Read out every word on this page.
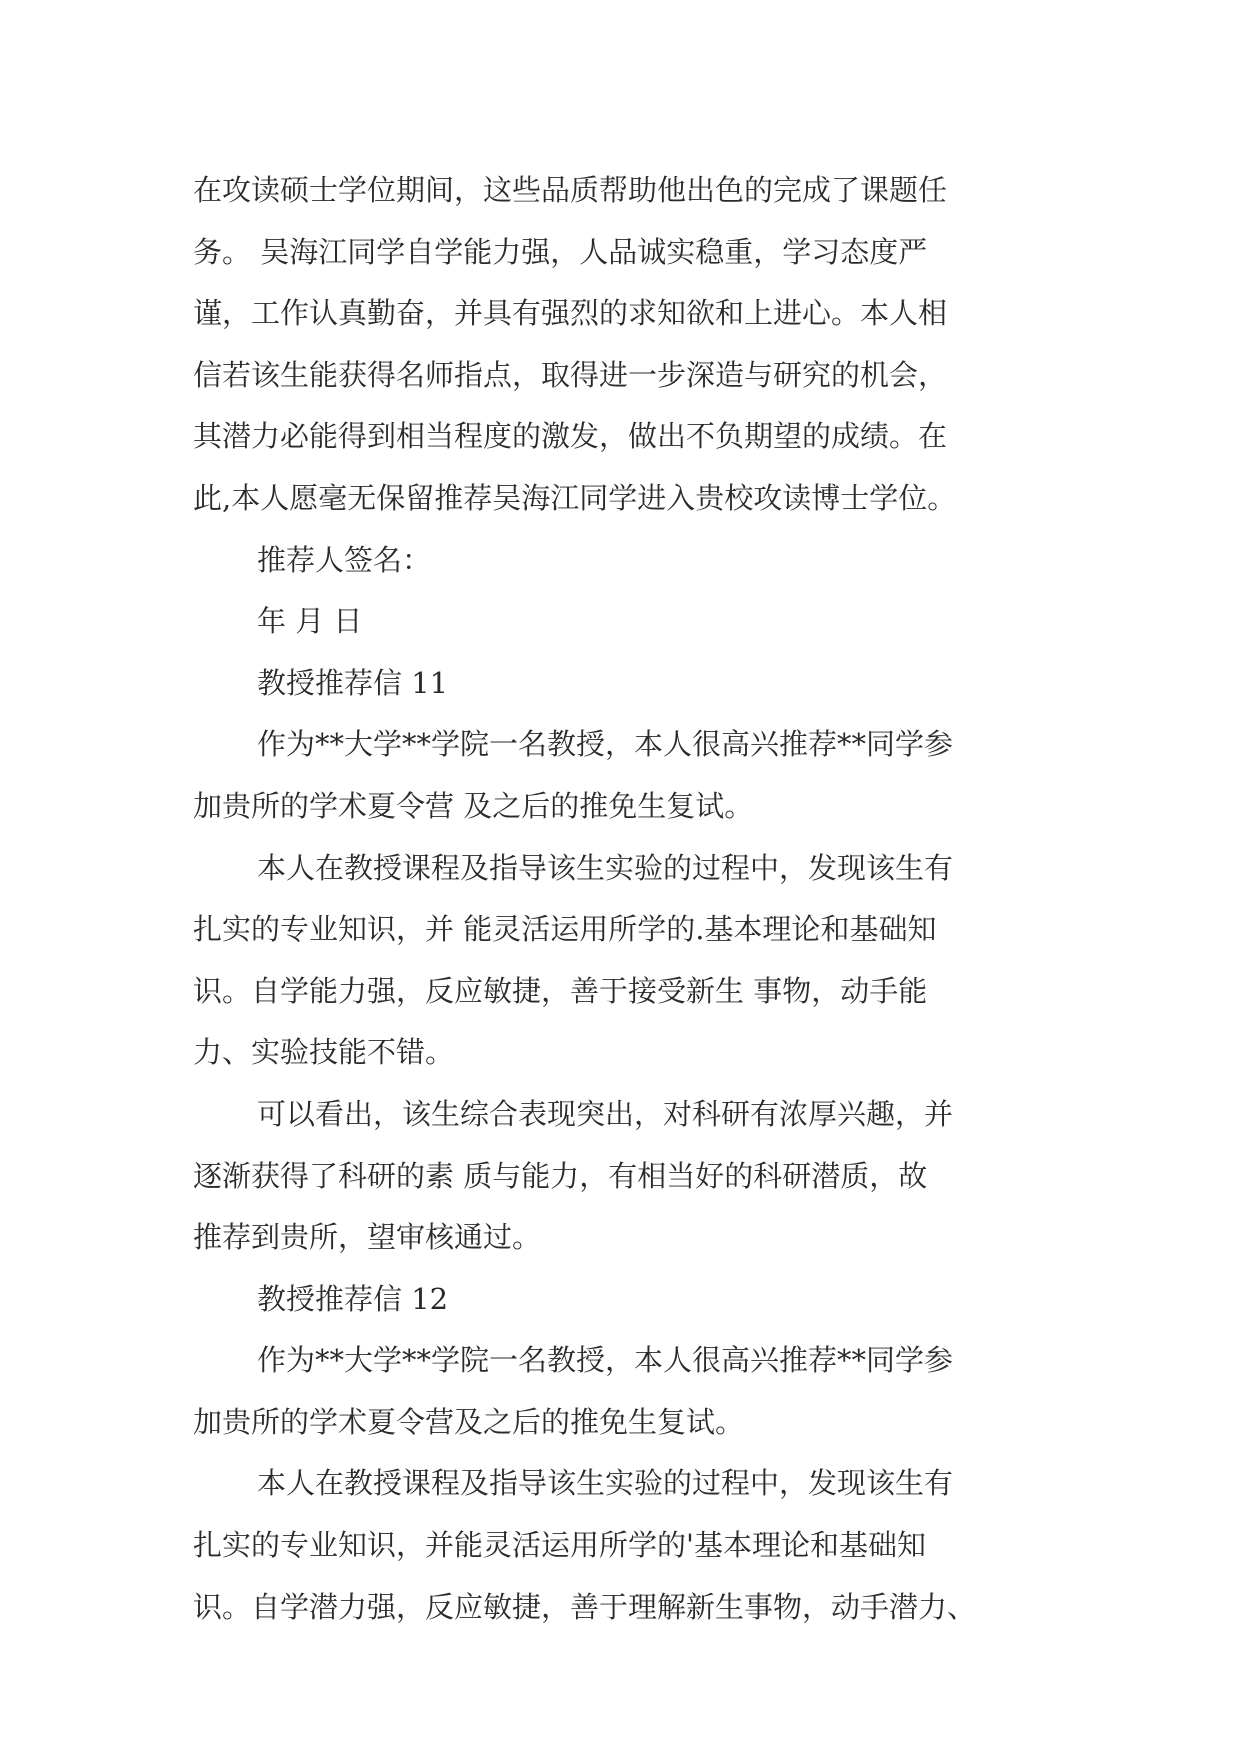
在攻读硕士学位期间，这些品质帮助他出色的完成了课题任
务。 吴海江同学自学能力强，人品诚实稳重，学习态度严
谨，工作认真勤奋，并具有强烈的求知欲和上进心。本人相
信若该生能获得名师指点，取得进一步深造与研究的机会，
其潜力必能得到相当程度的激发，做出不负期望的成绩。在
此,本人愿毫无保留推荐吴海江同学进入贵校攻读博士学位。
推荐人签名：
年 月 日
教授推荐信 11
作为**大学**学院一名教授，本人很高兴推荐**同学参
加贵所的学术夏令营 及之后的推免生复试。
本人在教授课程及指导该生实验的过程中，发现该生有
扎实的专业知识，并 能灵活运用所学的.基本理论和基础知
识。自学能力强，反应敏捷，善于接受新生 事物，动手能
力、实验技能不错。
可以看出，该生综合表现突出，对科研有浓厚兴趣，并
逐渐获得了科研的素 质与能力，有相当好的科研潜质，故
推荐到贵所，望审核通过。
教授推荐信 12
作为**大学**学院一名教授，本人很高兴推荐**同学参
加贵所的学术夏令营及之后的推免生复试。
本人在教授课程及指导该生实验的过程中，发现该生有
扎实的专业知识，并能灵活运用所学的'基本理论和基础知
识。自学潜力强，反应敏捷，善于理解新生事物，动手潜力、
